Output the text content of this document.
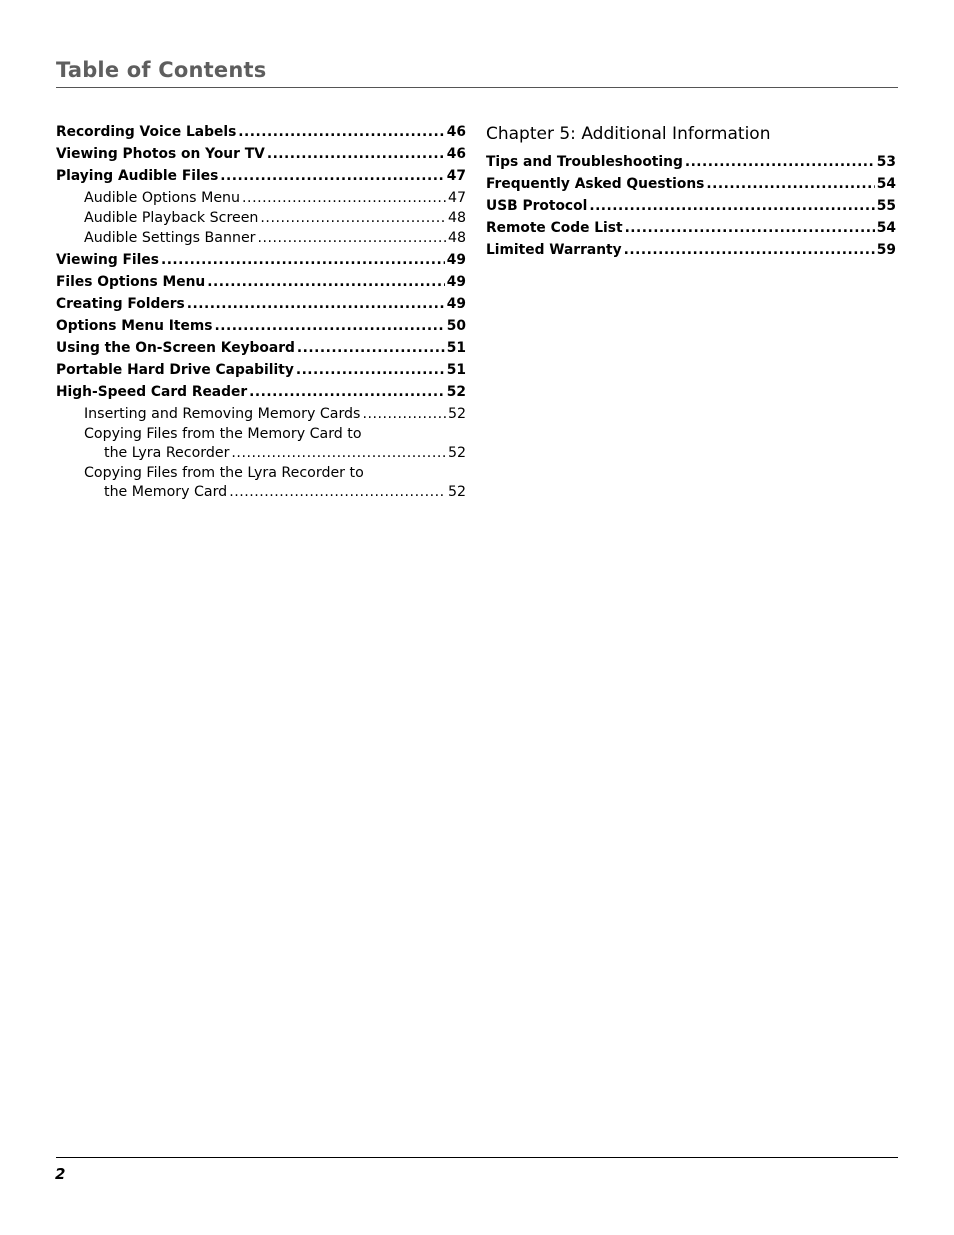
Table of Contents
Recording Voice Labels .....	46
Viewing Photos on Your TV .....	46
Playing Audible Files .....	47
Audible Options Menu .....	47
Audible Playback Screen .....	48
Audible Settings Banner .....	48
Viewing Files .....	49
Files Options Menu .....	49
Creating Folders .....	49
Options Menu Items .....	50
Using the On-Screen Keyboard .....	51
Portable Hard Drive Capability .....	51
High-Speed Card Reader .....	52
Inserting and Removing Memory Cards .....	52
Copying Files from the Memory Card to
the Lyra Recorder .....	52
Copying Files from the Lyra Recorder to
the Memory Card .....	52
Chapter 5: Additional Information
Tips and Troubleshooting .....	53
Frequently Asked Questions .....	54
USB Protocol .....	55
Remote Code List .....	54
Limited Warranty .....	59
2
